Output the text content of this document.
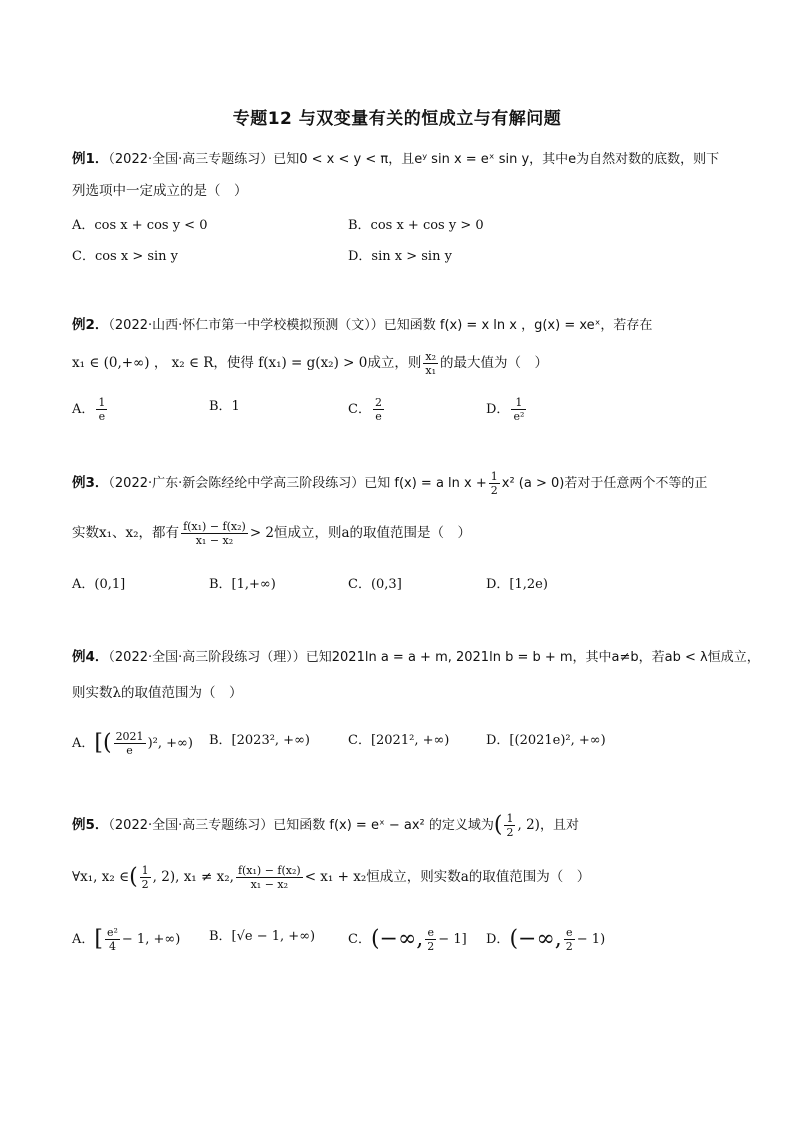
专题12 与双变量有关的恒成立与有解问题
例1．（2022·全国·高三专题练习）已知0 < x < y < π，且eʸ sin x = eˣ sin y，其中e为自然对数的底数，则下
列选项中一定成立的是（　）
A．cos x + cos y < 0	B．cos x + cos y > 0
C．cos x > sin y	D．sin x > sin y
例2．（2022·山西·怀仁市第一中学校模拟预测（文））已知函数 f(x) = x ln x ，g(x) = xeˣ，若存在
x₁ ∈ (0,+∞) ， x₂ ∈ R，使得 f(x₁) = g(x₂) > 0成立，则 $\frac{\text{x₂}}{\text{x₁}}$ 的最大值为（　）
A． $\frac{1}{e}$	B．1	C． $\frac{2}{e}$	D． $\frac{1}{\text{e²}}$
例3．（2022·广东·新会陈经纶中学高三阶段练习）已知 f(x) = a $\ln x + \frac{1}{2} x^2$ (a > 0)若对于任意两个不等的正
实数x₁、x₂，都有 $\frac{\text{f(x₁) − f(x₂)}}{\text{x₁ − x₂}} > 2$恒成立，则a的取值范围是（　）
A．(0,1]	B．[1,+∞)	C．(0,3]	D．[1,2e)
例4．（2022·全国·高三阶段练习（理））已知2021ln a = a + m, 2021ln b = b + m，其中a≠b，若ab < λ恒成立，
则实数λ的取值范围为（　）
A．[( $\frac{2021}{e} )^2$, +∞) B．[2023², +∞)	C．[2021², +∞)	D．[(2021e)², +∞)
例5．（2022·全国·高三专题练习）已知函数 f(x) = eˣ − ax² 的定义域为( $\frac{1}{2}$ , 2)，且对
∀x₁, x₂ ∈( $\frac{1}{2}$ , 2), x₁ ≠ x₂, $\frac{\text{f(x₁) − f(x₂)}}{\text{x₁ − x₂}} < x_1 + x_2$恒成立，则实数a的取值范围为（　）
A．[ $\frac{\text{e²}}{4} - 1$, +∞) B．[√e − 1, +∞)	C．(−∞, $\frac{e}{2} - 1$] D．(−∞, $\frac{e}{2} - 1$)
